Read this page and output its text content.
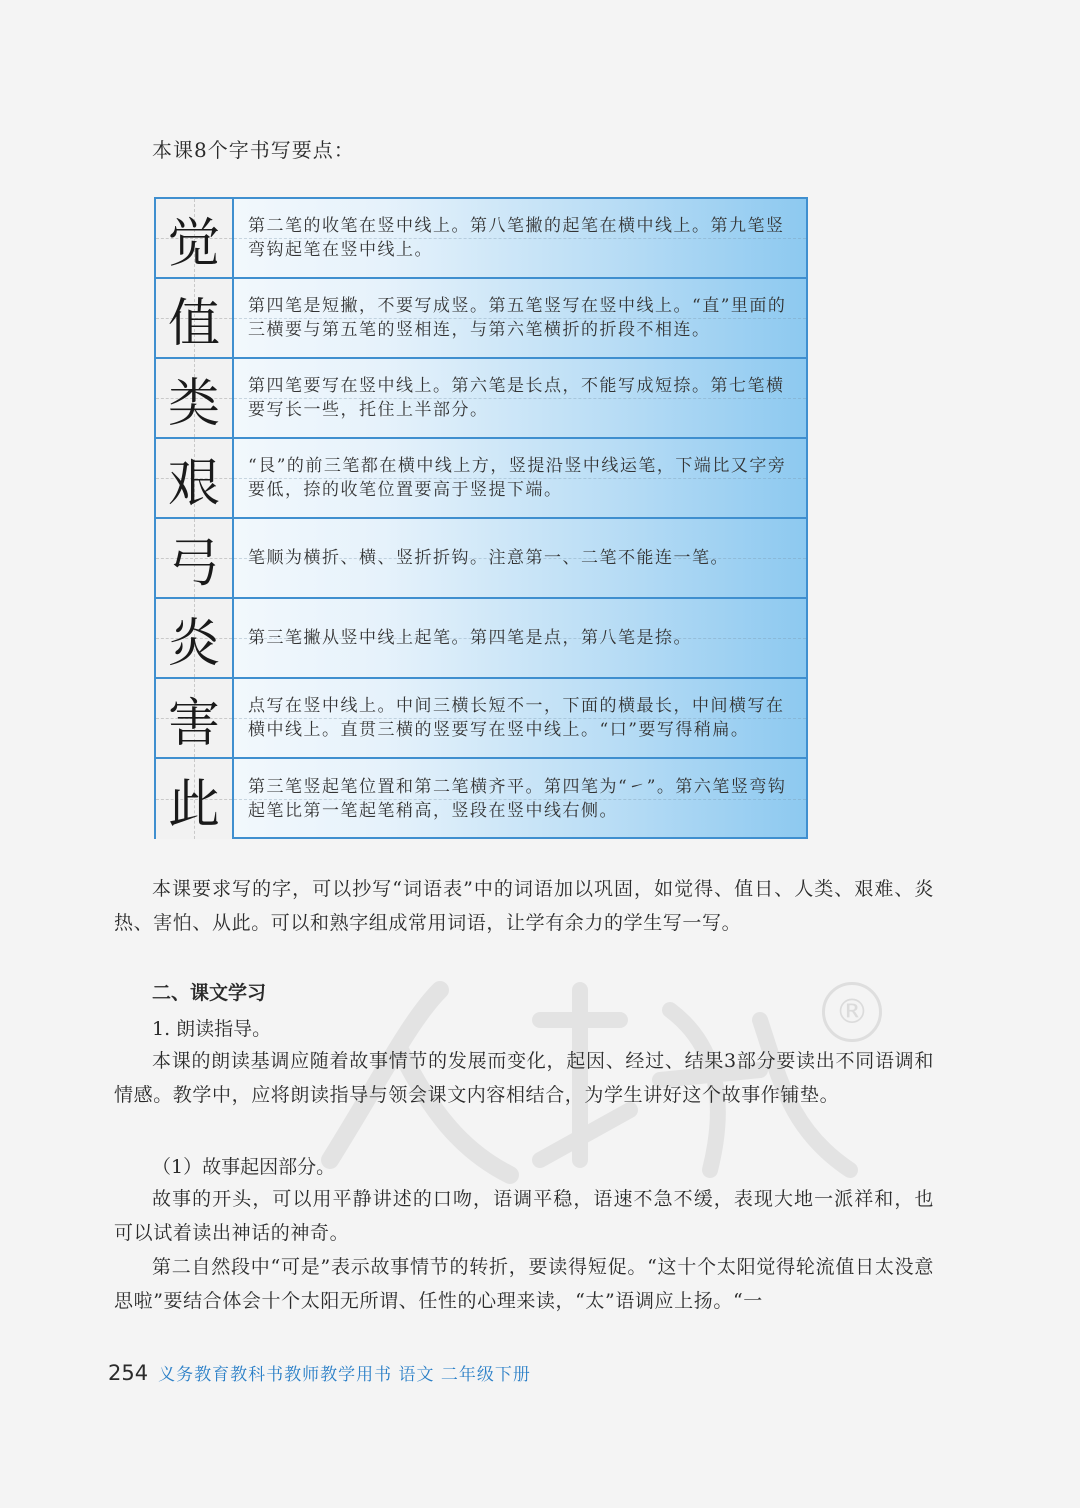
®
本课8个字书写要点：
觉	第二笔的收笔在竖中线上。第八笔撇的起笔在横中线上。第九笔竖弯钩起笔在竖中线上。
值	第四笔是短撇，不要写成竖。第五笔竖写在竖中线上。“直”里面的三横要与第五笔的竖相连，与第六笔横折的折段不相连。
类	第四笔要写在竖中线上。第六笔是长点，不能写成短捺。第七笔横要写长一些，托住上半部分。
艰	“艮”的前三笔都在横中线上方，竖提沿竖中线运笔，下端比又字旁要低，捺的收笔位置要高于竖提下端。
弓	笔顺为横折、横、竖折折钩。注意第一、二笔不能连一笔。
炎	第三笔撇从竖中线上起笔。第四笔是点，第八笔是捺。
害	点写在竖中线上。中间三横长短不一，下面的横最长，中间横写在横中线上。直贯三横的竖要写在竖中线上。“口”要写得稍扁。
此	第三笔竖起笔位置和第二笔横齐平。第四笔为“㇀”。第六笔竖弯钩起笔比第一笔起笔稍高，竖段在竖中线右侧。
本课要求写的字，可以抄写“词语表”中的词语加以巩固，如觉得、值日、人类、艰难、炎热、害怕、从此。可以和熟字组成常用词语，让学有余力的学生写一写。
二、课文学习
1. 朗读指导。
本课的朗读基调应随着故事情节的发展而变化，起因、经过、结果3部分要读出不同语调和情感。教学中，应将朗读指导与领会课文内容相结合，为学生讲好这个故事作铺垫。
（1）故事起因部分。
故事的开头，可以用平静讲述的口吻，语调平稳，语速不急不缓，表现大地一派祥和，也可以试着读出神话的神奇。
第二自然段中“可是”表示故事情节的转折，要读得短促。“这十个太阳觉得轮流值日太没意思啦”要结合体会十个太阳无所谓、任性的心理来读，“太”语调应上扬。“一
254 义务教育教科书教师教学用书 语文 二年级下册
